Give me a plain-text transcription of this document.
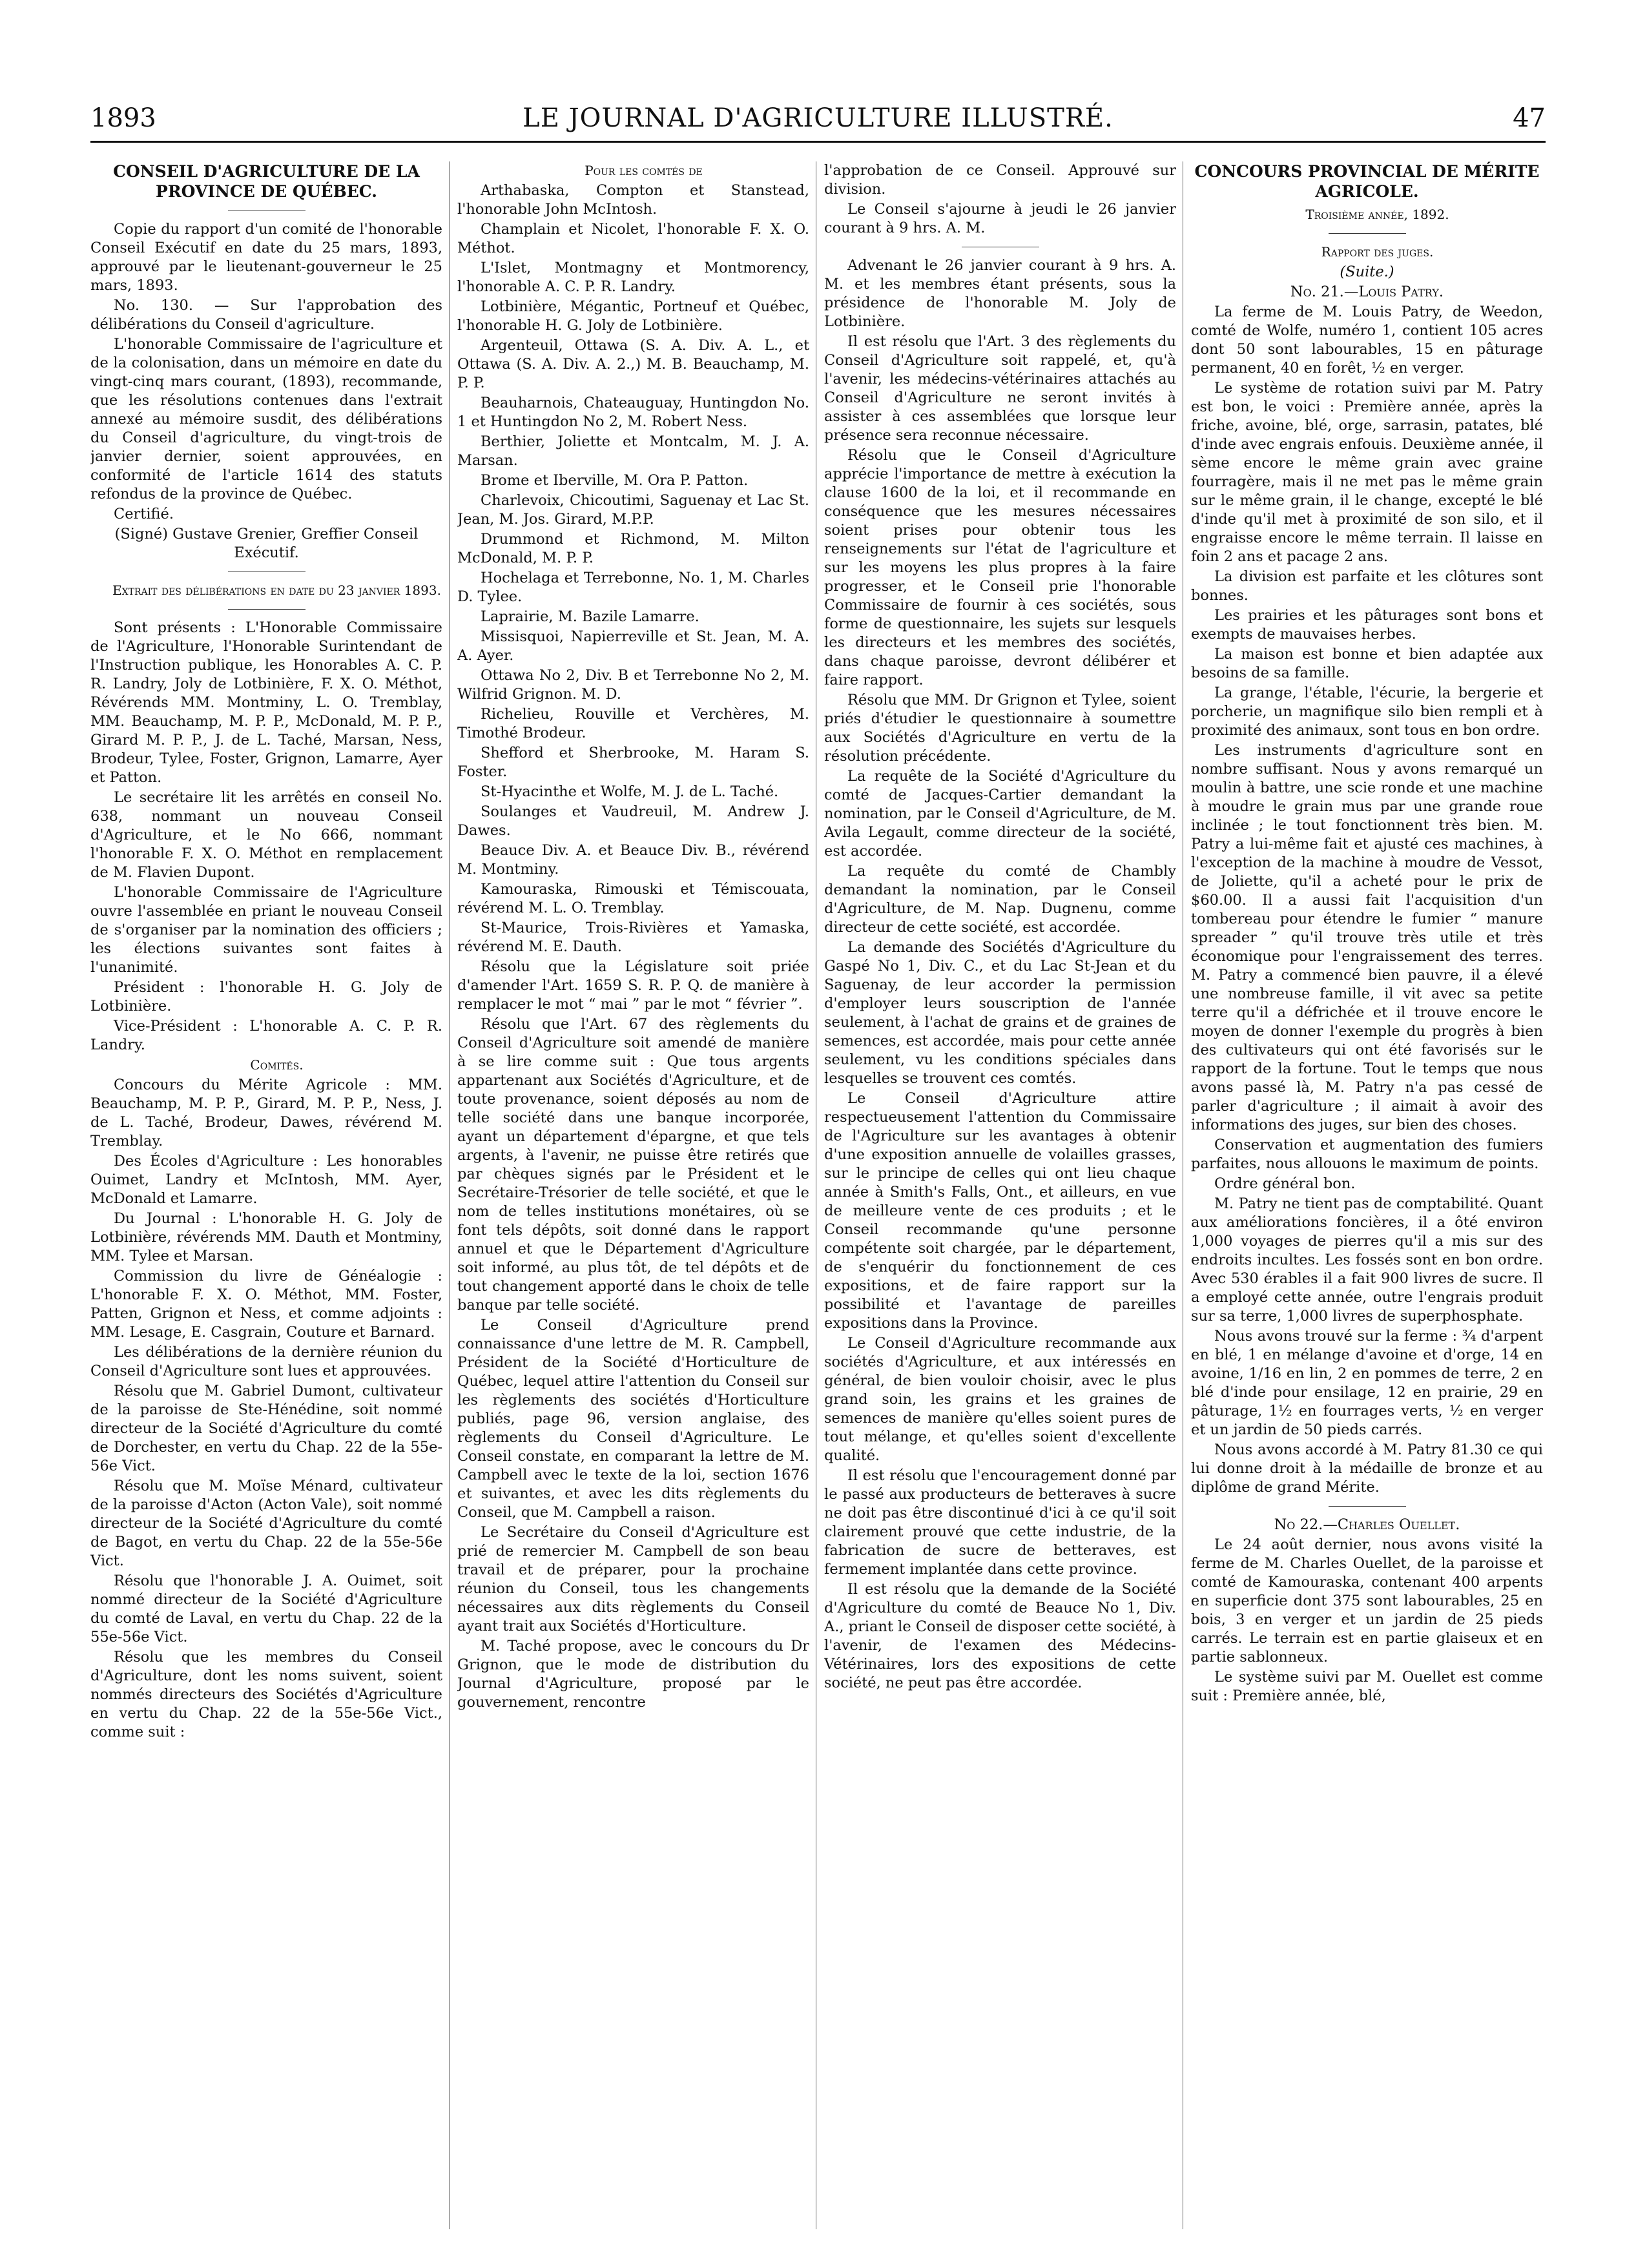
1893	LE JOURNAL D'AGRICULTURE ILLUSTRÉ.	47
CONSEIL D'AGRICULTURE DE LA PROVINCE DE QUÉBEC.

Copie du rapport d'un comité de l'honorable Conseil Exécutif en date du 25 mars, 1893, approuvé par le lieutenant-gouverneur le 25 mars, 1893.

No. 130. — Sur l'approbation des délibérations du Conseil d'agriculture.

L'honorable Commissaire de l'agriculture et de la colonisation, dans un mémoire en date du vingt-cinq mars courant, (1893), recommande, que les résolutions contenues dans l'extrait annexé au mémoire susdit, des délibérations du Conseil d'agriculture, du vingt-trois de janvier dernier, soient approuvées, en conformité de l'article 1614 des statuts refondus de la province de Québec.

Certifié.

(Signé) Gustave Grenier, Greffier Conseil Exécutif.

Extrait des délibérations en date du 23 janvier 1893.

Sont présents : L'Honorable Commissaire de l'Agriculture, l'Honorable Surintendant de l'Instruction publique, les Honorables A. C. P. R. Landry, Joly de Lotbinière, F. X. O. Méthot, Révérends MM. Montminy, L. O. Tremblay, MM. Beauchamp, M. P. P., McDonald, M. P. P., Girard M. P. P., J. de L. Taché, Marsan, Ness, Brodeur, Tylee, Foster, Grignon, Lamarre, Ayer et Patton.

Le secrétaire lit les arrêtés en conseil No. 638, nommant un nouveau Conseil d'Agriculture, et le No 666, nommant l'honorable F. X. O. Méthot en remplacement de M. Flavien Dupont.

L'honorable Commissaire de l'Agriculture ouvre l'assemblée en priant le nouveau Conseil de s'organiser par la nomination des officiers ; les élections suivantes sont faites à l'unanimité.

Président : l'honorable H. G. Joly de Lotbinière.

Vice-Président : L'honorable A. C. P. R. Landry.

Comités.

Concours du Mérite Agricole : MM. Beauchamp, M. P. P., Girard, M. P. P., Ness, J. de L. Taché, Brodeur, Dawes, révérend M. Tremblay.

Des Écoles d'Agriculture : Les honorables Ouimet, Landry et McIntosh, MM. Ayer, McDonald et Lamarre.

Du Journal : L'honorable H. G. Joly de Lotbinière, révérends MM. Dauth et Montminy, MM. Tylee et Marsan.

Commission du livre de Généalogie : L'honorable F. X. O. Méthot, MM. Foster, Patten, Grignon et Ness, et comme adjoints : MM. Lesage, E. Casgrain, Couture et Barnard.

Les délibérations de la dernière réunion du Conseil d'Agriculture sont lues et approuvées.

Résolu que M. Gabriel Dumont, cultivateur de la paroisse de Ste-Hénédine, soit nommé directeur de la Société d'Agriculture du comté de Dorchester, en vertu du Chap. 22 de la 55e-56e Vict.

Résolu que M. Moïse Ménard, cultivateur de la paroisse d'Acton (Acton Vale), soit nommé directeur de la Société d'Agriculture du comté de Bagot, en vertu du Chap. 22 de la 55e-56e Vict.

Résolu que l'honorable J. A. Ouimet, soit nommé directeur de la Société d'Agriculture du comté de Laval, en vertu du Chap. 22 de la 55e-56e Vict.

Résolu que les membres du Conseil d'Agriculture, dont les noms suivent, soient nommés directeurs des Sociétés d'Agriculture en vertu du Chap. 22 de la 55e-56e Vict., comme suit :

Pour les comtés de

Arthabaska, Compton et Stanstead, l'honorable John McIntosh.

Champlain et Nicolet, l'honorable F. X. O. Méthot.

L'Islet, Montmagny et Montmorency, l'honorable A. C. P. R. Landry.

Lotbinière, Mégantic, Portneuf et Québec, l'honorable H. G. Joly de Lotbinière.

Argenteuil, Ottawa (S. A. Div. A. L., et Ottawa (S. A. Div. A. 2.,) M. B. Beauchamp, M. P. P.

Beauharnois, Chateauguay, Huntingdon No. 1 et Huntingdon No 2, M. Robert Ness.

Berthier, Joliette et Montcalm, M. J. A. Marsan.

Brome et Iberville, M. Ora P. Patton.

Charlevoix, Chicoutimi, Saguenay et Lac St. Jean, M. Jos. Girard, M.P.P.

Drummond et Richmond, M. Milton McDonald, M. P. P.

Hochelaga et Terrebonne, No. 1, M. Charles D. Tylee.

Laprairie, M. Bazile Lamarre.

Missisquoi, Napierreville et St. Jean, M. A. A. Ayer.

Ottawa No 2, Div. B et Terrebonne No 2, M. Wilfrid Grignon. M. D.

Richelieu, Rouville et Verchères, M. Timothé Brodeur.

Shefford et Sherbrooke, M. Haram S. Foster.

St-Hyacinthe et Wolfe, M. J. de L. Taché.

Soulanges et Vaudreuil, M. Andrew J. Dawes.

Beauce Div. A. et Beauce Div. B., révérend M. Montminy.

Kamouraska, Rimouski et Témiscouata, révérend M. L. O. Tremblay.

St-Maurice, Trois-Rivières et Yamaska, révérend M. E. Dauth.

Résolu que la Législature soit priée d'amender l'Art. 1659 S. R. P. Q. de manière à remplacer le mot “ mai ” par le mot “ février ”.

Résolu que l'Art. 67 des règlements du Conseil d'Agriculture soit amendé de manière à se lire comme suit : Que tous argents appartenant aux Sociétés d'Agriculture, et de toute provenance, soient déposés au nom de telle société dans une banque incorporée, ayant un département d'épargne, et que tels argents, à l'avenir, ne puisse être retirés que par chèques signés par le Président et le Secrétaire-Trésorier de telle société, et que le nom de telles institutions monétaires, où se font tels dépôts, soit donné dans le rapport annuel et que le Département d'Agriculture soit informé, au plus tôt, de tel dépôts et de tout changement apporté dans le choix de telle banque par telle société.

Le Conseil d'Agriculture prend connaissance d'une lettre de M. R. Campbell, Président de la Société d'Horticulture de Québec, lequel attire l'attention du Conseil sur les règlements des sociétés d'Horticulture publiés, page 96, version anglaise, des règlements du Conseil d'Agriculture. Le Conseil constate, en comparant la lettre de M. Campbell avec le texte de la loi, section 1676 et suivantes, et avec les dits règlements du Conseil, que M. Campbell a raison.

Le Secrétaire du Conseil d'Agriculture est prié de remercier M. Campbell de son beau travail et de préparer, pour la prochaine réunion du Conseil, tous les changements nécessaires aux dits règlements du Conseil ayant trait aux Sociétés d'Horticulture.

M. Taché propose, avec le concours du Dr Grignon, que le mode de distribution du Journal d'Agriculture, proposé par le gouvernement, rencontre

l'approbation de ce Conseil. Approuvé sur division.

Le Conseil s'ajourne à jeudi le 26 janvier courant à 9 hrs. A. M.

Advenant le 26 janvier courant à 9 hrs. A. M. et les membres étant présents, sous la présidence de l'honorable M. Joly de Lotbinière.

Il est résolu que l'Art. 3 des règlements du Conseil d'Agriculture soit rappelé, et, qu'à l'avenir, les médecins-vétérinaires attachés au Conseil d'Agriculture ne seront invités à assister à ces assemblées que lorsque leur présence sera reconnue nécessaire.

Résolu que le Conseil d'Agriculture apprécie l'importance de mettre à exécution la clause 1600 de la loi, et il recommande en conséquence que les mesures nécessaires soient prises pour obtenir tous les renseignements sur l'état de l'agriculture et sur les moyens les plus propres à la faire progresser, et le Conseil prie l'honorable Commissaire de fournir à ces sociétés, sous forme de questionnaire, les sujets sur lesquels les directeurs et les membres des sociétés, dans chaque paroisse, devront délibérer et faire rapport.

Résolu que MM. Dr Grignon et Tylee, soient priés d'étudier le questionnaire à soumettre aux Sociétés d'Agriculture en vertu de la résolution précédente.

La requête de la Société d'Agriculture du comté de Jacques-Cartier demandant la nomination, par le Conseil d'Agriculture, de M. Avila Legault, comme directeur de la société, est accordée.

La requête du comté de Chambly demandant la nomination, par le Conseil d'Agriculture, de M. Nap. Dugnenu, comme directeur de cette société, est accordée.

La demande des Sociétés d'Agriculture du Gaspé No 1, Div. C., et du Lac St-Jean et du Saguenay, de leur accorder la permission d'employer leurs souscription de l'année seulement, à l'achat de grains et de graines de semences, est accordée, mais pour cette année seulement, vu les conditions spéciales dans lesquelles se trouvent ces comtés.

Le Conseil d'Agriculture attire respectueusement l'attention du Commissaire de l'Agriculture sur les avantages à obtenir d'une exposition annuelle de volailles grasses, sur le principe de celles qui ont lieu chaque année à Smith's Falls, Ont., et ailleurs, en vue de meilleure vente de ces produits ; et le Conseil recommande qu'une personne compétente soit chargée, par le département, de s'enquérir du fonctionnement de ces expositions, et de faire rapport sur la possibilité et l'avantage de pareilles expositions dans la Province.

Le Conseil d'Agriculture recommande aux sociétés d'Agriculture, et aux intéressés en général, de bien vouloir choisir, avec le plus grand soin, les grains et les graines de semences de manière qu'elles soient pures de tout mélange, et qu'elles soient d'excellente qualité.

Il est résolu que l'encouragement donné par le passé aux producteurs de betteraves à sucre ne doit pas être discontinué d'ici à ce qu'il soit clairement prouvé que cette industrie, de la fabrication de sucre de betteraves, est fermement implantée dans cette province.

Il est résolu que la demande de la Société d'Agriculture du comté de Beauce No 1, Div. A., priant le Conseil de disposer cette société, à l'avenir, de l'examen des Médecins-Vétérinaires, lors des expositions de cette société, ne peut pas être accordée.

CONCOURS PROVINCIAL DE MÉRITE AGRICOLE.

Troisième année, 1892.

Rapport des juges.

(Suite.)

No. 21.—Louis Patry.

La ferme de M. Louis Patry, de Weedon, comté de Wolfe, numéro 1, contient 105 acres dont 50 sont labourables, 15 en pâturage permanent, 40 en forêt, ½ en verger.

Le système de rotation suivi par M. Patry est bon, le voici : Première année, après la friche, avoine, blé, orge, sarrasin, patates, blé d'inde avec engrais enfouis. Deuxième année, il sème encore le même grain avec graine fourragère, mais il ne met pas le même grain sur le même grain, il le change, excepté le blé d'inde qu'il met à proximité de son silo, et il engraisse encore le même terrain. Il laisse en foin 2 ans et pacage 2 ans.

La division est parfaite et les clôtures sont bonnes.

Les prairies et les pâturages sont bons et exempts de mauvaises herbes.

La maison est bonne et bien adaptée aux besoins de sa famille.

La grange, l'étable, l'écurie, la bergerie et porcherie, un magnifique silo bien rempli et à proximité des animaux, sont tous en bon ordre.

Les instruments d'agriculture sont en nombre suffisant. Nous y avons remarqué un moulin à battre, une scie ronde et une machine à moudre le grain mus par une grande roue inclinée ; le tout fonctionnent très bien. M. Patry a lui-même fait et ajusté ces machines, à l'exception de la machine à moudre de Vessot, de Joliette, qu'il a acheté pour le prix de $60.00. Il a aussi fait l'acquisition d'un tombereau pour étendre le fumier “ manure spreader ” qu'il trouve très utile et très économique pour l'engraissement des terres. M. Patry a commencé bien pauvre, il a élevé une nombreuse famille, il vit avec sa petite terre qu'il a défrichée et il trouve encore le moyen de donner l'exemple du progrès à bien des cultivateurs qui ont été favorisés sur le rapport de la fortune. Tout le temps que nous avons passé là, M. Patry n'a pas cessé de parler d'agriculture ; il aimait à avoir des informations des juges, sur bien des choses.

Conservation et augmentation des fumiers parfaites, nous allouons le maximum de points.

Ordre général bon.

M. Patry ne tient pas de comptabilité. Quant aux améliorations foncières, il a ôté environ 1,000 voyages de pierres qu'il a mis sur des endroits incultes. Les fossés sont en bon ordre. Avec 530 érables il a fait 900 livres de sucre. Il a employé cette année, outre l'engrais produit sur sa terre, 1,000 livres de superphosphate.

Nous avons trouvé sur la ferme : ¾ d'arpent en blé, 1 en mélange d'avoine et d'orge, 14 en avoine, 1/16 en lin, 2 en pommes de terre, 2 en blé d'inde pour ensilage, 12 en prairie, 29 en pâturage, 1½ en fourrages verts, ½ en verger et un jardin de 50 pieds carrés.

Nous avons accordé à M. Patry 81.30 ce qui lui donne droit à la médaille de bronze et au diplôme de grand Mérite.

No 22.—Charles Ouellet.

Le 24 août dernier, nous avons visité la ferme de M. Charles Ouellet, de la paroisse et comté de Kamouraska, contenant 400 arpents en superficie dont 375 sont labourables, 25 en bois, 3 en verger et un jardin de 25 pieds carrés. Le terrain est en partie glaiseux et en partie sablonneux.

Le système suivi par M. Ouellet est comme suit : Première année, blé,
